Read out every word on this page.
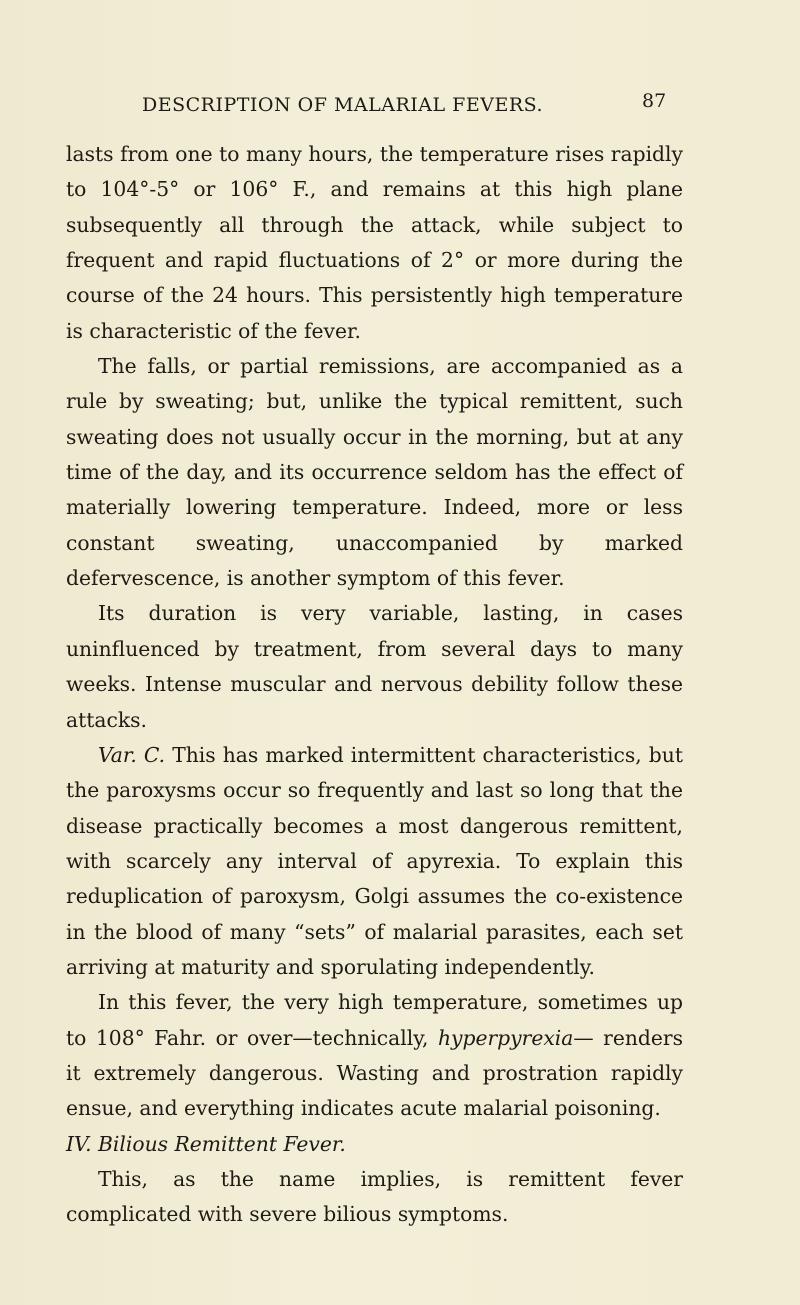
DESCRIPTION OF MALARIAL FEVERS.	87

lasts from one to many hours, the temperature rises rapidly to 104°-5° or 106° F., and remains at this high plane subsequently all through the attack, while subject to frequent and rapid fluctuations of 2° or more during the course of the 24 hours. This persistently high temperature is characteristic of the fever.

The falls, or partial remissions, are accompanied as a rule by sweating; but, unlike the typical remittent, such sweating does not usually occur in the morning, but at any time of the day, and its occurrence seldom has the effect of materially lowering temperature. Indeed, more or less constant sweating, unaccompanied by marked defervescence, is another symptom of this fever.

Its duration is very variable, lasting, in cases uninfluenced by treatment, from several days to many weeks. Intense muscular and nervous debility follow these attacks.

Var. C. This has marked intermittent characteristics, but the paroxysms occur so frequently and last so long that the disease practically becomes a most dangerous remittent, with scarcely any interval of apyrexia. To explain this reduplication of paroxysm, Golgi assumes the co-existence in the blood of many “sets” of malarial parasites, each set arriving at maturity and sporulating independently.

In this fever, the very high temperature, sometimes up to 108° Fahr. or over—technically, hyperpyrexia— renders it extremely dangerous. Wasting and prostration rapidly ensue, and everything indicates acute malarial poisoning.

IV. Bilious Remittent Fever.

This, as the name implies, is remittent fever complicated with severe bilious symptoms.
